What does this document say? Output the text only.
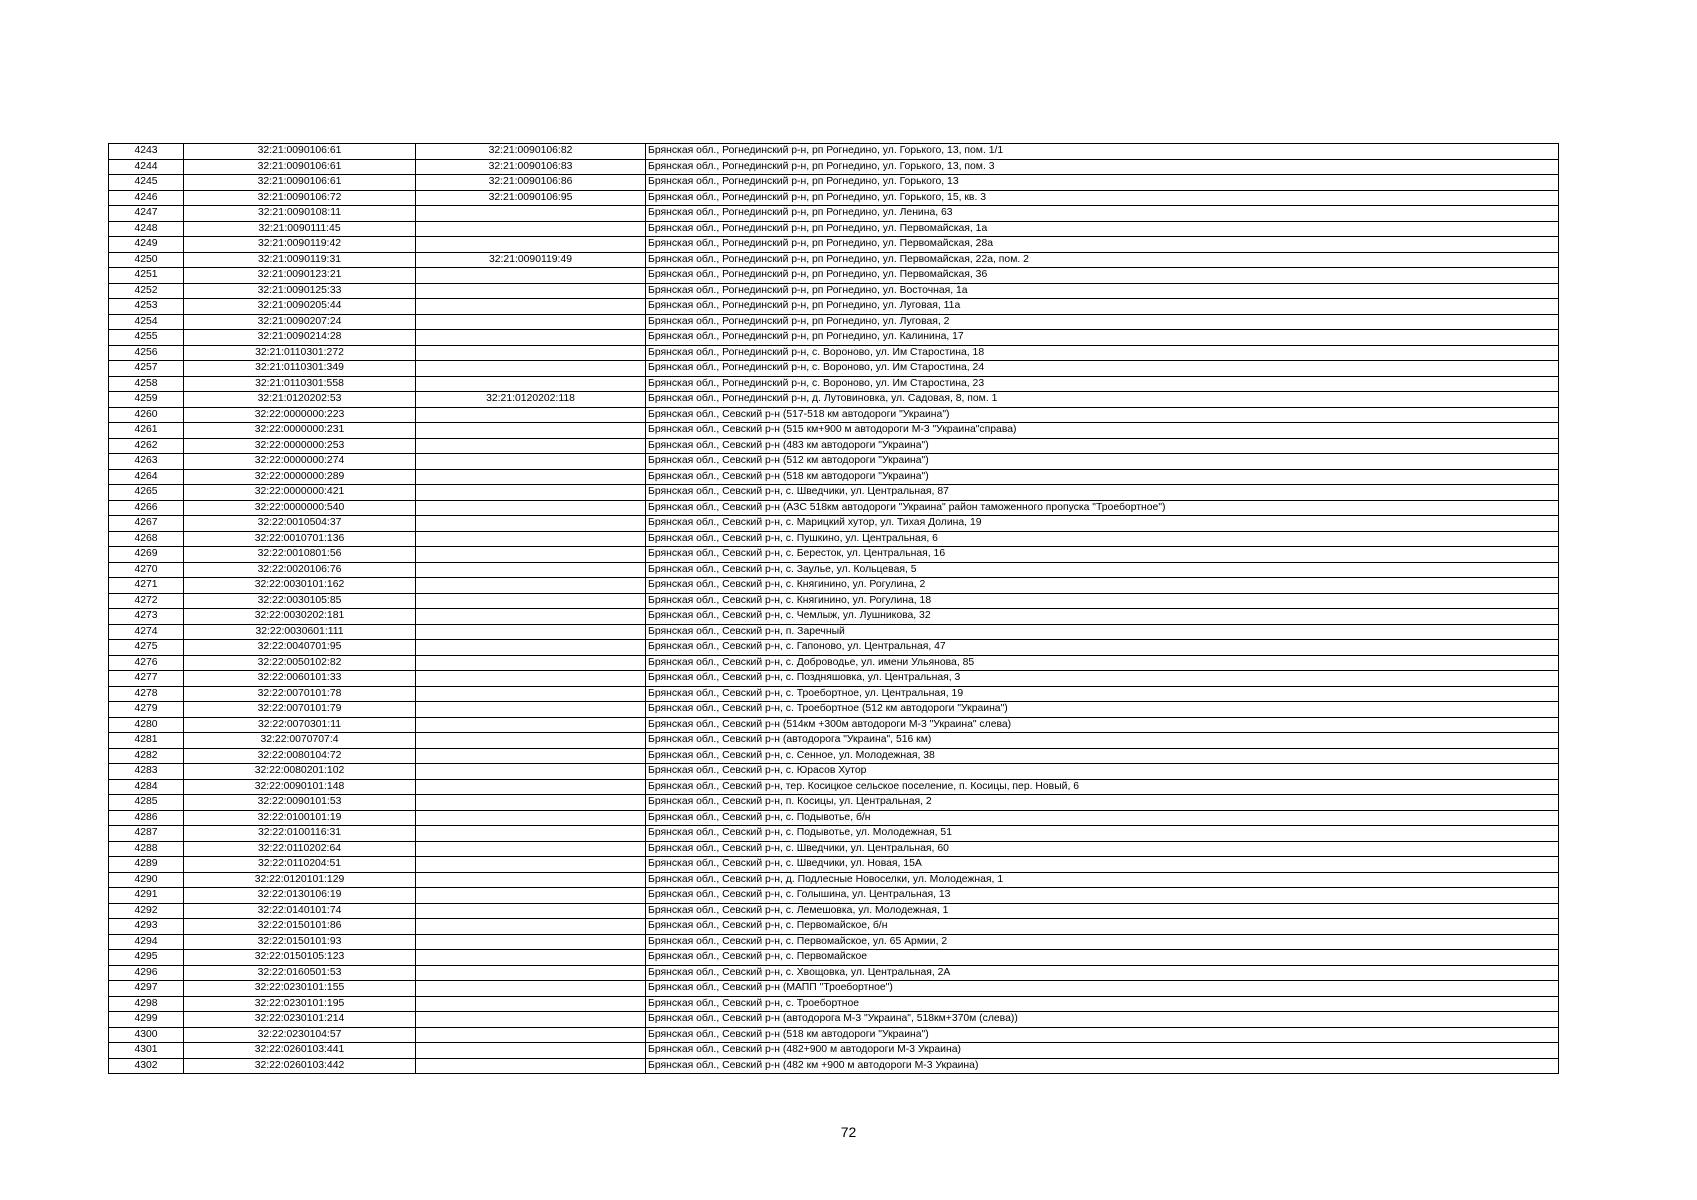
4243	32:21:0090106:61	32:21:0090106:82	Брянская обл., Рогнединский р-н, рп Рогнедино, ул. Горького, 13, пом. 1/1
4244	32:21:0090106:61	32:21:0090106:83	Брянская обл., Рогнединский р-н, рп Рогнедино, ул. Горького, 13, пом. 3
4245	32:21:0090106:61	32:21:0090106:86	Брянская обл., Рогнединский р-н, рп Рогнедино, ул. Горького, 13
4246	32:21:0090106:72	32:21:0090106:95	Брянская обл., Рогнединский р-н, рп Рогнедино, ул. Горького, 15, кв. 3
4247	32:21:0090108:11		Брянская обл., Рогнединский р-н, рп Рогнедино, ул. Ленина, 63
4248	32:21:0090111:45		Брянская обл., Рогнединский р-н, рп Рогнедино, ул. Первомайская, 1а
4249	32:21:0090119:42		Брянская обл., Рогнединский р-н, рп Рогнедино, ул. Первомайская, 28а
4250	32:21:0090119:31	32:21:0090119:49	Брянская обл., Рогнединский р-н, рп Рогнедино, ул. Первомайская, 22а, пом. 2
4251	32:21:0090123:21		Брянская обл., Рогнединский р-н, рп Рогнедино, ул. Первомайская, 36
4252	32:21:0090125:33		Брянская обл., Рогнединский р-н, рп Рогнедино, ул. Восточная, 1а
4253	32:21:0090205:44		Брянская обл., Рогнединский р-н, рп Рогнедино, ул. Луговая, 11а
4254	32:21:0090207:24		Брянская обл., Рогнединский р-н, рп Рогнедино, ул. Луговая, 2
4255	32:21:0090214:28		Брянская обл., Рогнединский р-н, рп Рогнедино, ул. Калинина, 17
4256	32:21:0110301:272		Брянская обл., Рогнединский р-н, с. Вороново, ул. Им Старостина, 18
4257	32:21:0110301:349		Брянская обл., Рогнединский р-н, с. Вороново, ул. Им Старостина, 24
4258	32:21:0110301:558		Брянская обл., Рогнединский р-н, с. Вороново, ул. Им Старостина, 23
4259	32:21:0120202:53	32:21:0120202:118	Брянская обл., Рогнединский р-н, д. Лутовиновка, ул. Садовая, 8, пом. 1
4260	32:22:0000000:223		Брянская обл., Севский р-н (517-518 км автодороги "Украина")
4261	32:22:0000000:231		Брянская обл., Севский р-н (515 км+900 м автодороги М-3 "Украина"справа)
4262	32:22:0000000:253		Брянская обл., Севский р-н (483 км автодороги "Украина")
4263	32:22:0000000:274		Брянская обл., Севский р-н (512 км автодороги "Украина")
4264	32:22:0000000:289		Брянская обл., Севский р-н (518 км автодороги "Украина")
4265	32:22:0000000:421		Брянская обл., Севский р-н, с. Шведчики, ул. Центральная, 87
4266	32:22:0000000:540		Брянская обл., Севский р-н (АЗС 518км автодороги "Украина" район таможенного пропуска "Троебортное")
4267	32:22:0010504:37		Брянская обл., Севский р-н, с. Марицкий хутор, ул. Тихая Долина, 19
4268	32:22:0010701:136		Брянская обл., Севский р-н, с. Пушкино, ул. Центральная, 6
4269	32:22:0010801:56		Брянская обл., Севский р-н, с. Бересток, ул. Центральная, 16
4270	32:22:0020106:76		Брянская обл., Севский р-н, с. Заулье, ул. Кольцевая, 5
4271	32:22:0030101:162		Брянская обл., Севский р-н, с. Княгинино, ул. Рогулина, 2
4272	32:22:0030105:85		Брянская обл., Севский р-н, с. Княгинино, ул. Рогулина, 18
4273	32:22:0030202:181		Брянская обл., Севский р-н, с. Чемлыж, ул. Лушникова, 32
4274	32:22:0030601:111		Брянская обл., Севский р-н, п. Заречный
4275	32:22:0040701:95		Брянская обл., Севский р-н, с. Гапоново, ул. Центральная, 47
4276	32:22:0050102:82		Брянская обл., Севский р-н, с. Доброводье, ул. имени Ульянова, 85
4277	32:22:0060101:33		Брянская обл., Севский р-н, с. Поздняшовка, ул. Центральная, 3
4278	32:22:0070101:78		Брянская обл., Севский р-н, с. Троебортное, ул. Центральная, 19
4279	32:22:0070101:79		Брянская обл., Севский р-н, с. Троебортное (512 км автодороги "Украина")
4280	32:22:0070301:11		Брянская обл., Севский р-н (514км +300м автодороги М-3 "Украина" слева)
4281	32:22:0070707:4		Брянская обл., Севский р-н (автодорога "Украина", 516 км)
4282	32:22:0080104:72		Брянская обл., Севский р-н, с. Сенное, ул. Молодежная, 38
4283	32:22:0080201:102		Брянская обл., Севский р-н, с. Юрасов Хутор
4284	32:22:0090101:148		Брянская обл., Севский р-н, тер. Косицкое сельское поселение, п. Косицы, пер. Новый, 6
4285	32:22:0090101:53		Брянская обл., Севский р-н, п. Косицы, ул. Центральная, 2
4286	32:22:0100101:19		Брянская обл., Севский р-н, с. Подывотье, б/н
4287	32:22:0100116:31		Брянская обл., Севский р-н, с. Подывотье, ул. Молодежная, 51
4288	32:22:0110202:64		Брянская обл., Севский р-н, с. Шведчики, ул. Центральная, 60
4289	32:22:0110204:51		Брянская обл., Севский р-н, с. Шведчики, ул. Новая, 15А
4290	32:22:0120101:129		Брянская обл., Севский р-н, д. Подлесные Новоселки, ул. Молодежная, 1
4291	32:22:0130106:19		Брянская обл., Севский р-н, с. Голышина, ул. Центральная, 13
4292	32:22:0140101:74		Брянская обл., Севский р-н, с. Лемешовка, ул. Молодежная, 1
4293	32:22:0150101:86		Брянская обл., Севский р-н, с. Первомайское, б/н
4294	32:22:0150101:93		Брянская обл., Севский р-н, с. Первомайское, ул. 65 Армии, 2
4295	32:22:0150105:123		Брянская обл., Севский р-н, с. Первомайское
4296	32:22:0160501:53		Брянская обл., Севский р-н, с. Хвощовка, ул. Центральная, 2А
4297	32:22:0230101:155		Брянская обл., Севский р-н (МАПП "Троебортное")
4298	32:22:0230101:195		Брянская обл., Севский р-н, с. Троебортное
4299	32:22:0230101:214		Брянская обл., Севский р-н (автодорога М-3 "Украина", 518км+370м (слева))
4300	32:22:0230104:57		Брянская обл., Севский р-н (518 км автодороги "Украина")
4301	32:22:0260103:441		Брянская обл., Севский р-н (482+900 м автодороги М-3 Украина)
4302	32:22:0260103:442		Брянская обл., Севский р-н (482 км +900 м автодороги М-3 Украина)
72
